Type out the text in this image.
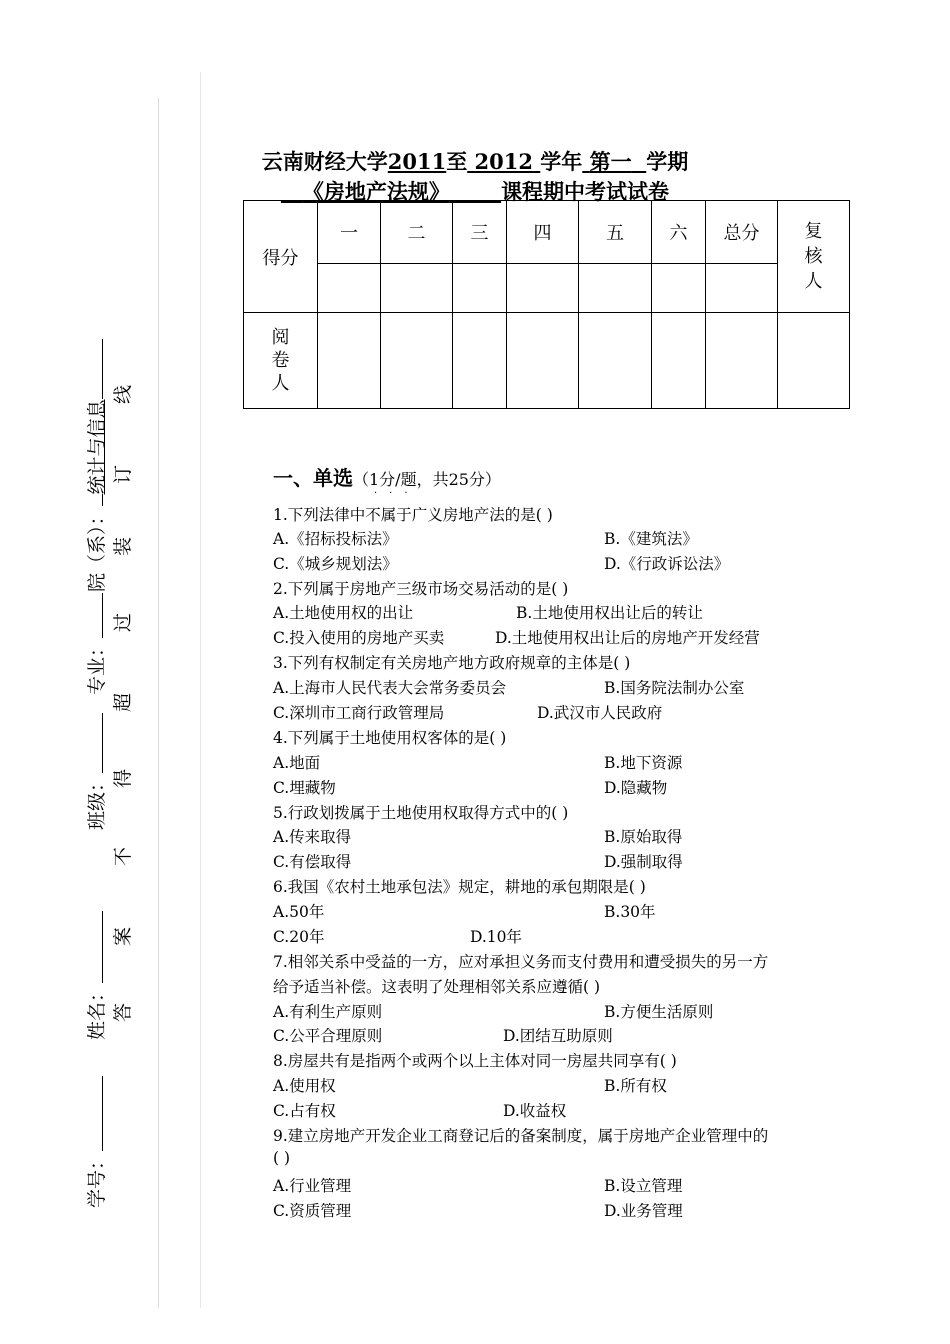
学号：
姓名：
班级：
专业：
院（系）：统计与信息
线
订
装
过
超
得
不
案
答
云南财经大学2011至 2012 学年 第一 学期
《房地产法规》 课程期中考试试卷
得分	一	二	三	四	五	六	总分	复核人

阅卷人								

一、单选（1分/题，共25分）
···
1.下列法律中不属于广义房地产法的是( )
A.《招标投标法》	B.《建筑法》
C.《城乡规划法》	D.《行政诉讼法》
2.下列属于房地产三级市场交易活动的是( )
A.土地使用权的出让	B.土地使用权出让后的转让
C.投入使用的房地产买卖	D.土地使用权出让后的房地产开发经营
3.下列有权制定有关房地产地方政府规章的主体是( )
A.上海市人民代表大会常务委员会	B.国务院法制办公室
C.深圳市工商行政管理局	D.武汉市人民政府
4.下列属于土地使用权客体的是( )
A.地面	B.地下资源
C.埋藏物	D.隐藏物
5.行政划拨属于土地使用权取得方式中的( )
A.传来取得	B.原始取得
C.有偿取得	D.强制取得
6.我国《农村土地承包法》规定，耕地的承包期限是( )
A.50年	B.30年
C.20年	D.10年
7.相邻关系中受益的一方，应对承担义务而支付费用和遭受损失的另一方
给予适当补偿。这表明了处理相邻关系应遵循( )
A.有利生产原则	B.方便生活原则
C.公平合理原则	D.团结互助原则
8.房屋共有是指两个或两个以上主体对同一房屋共同享有( )
A.使用权	B.所有权
C.占有权	D.收益权
9.建立房地产开发企业工商登记后的备案制度，属于房地产企业管理中的
( )
A.行业管理	B.设立管理
C.资质管理	D.业务管理
